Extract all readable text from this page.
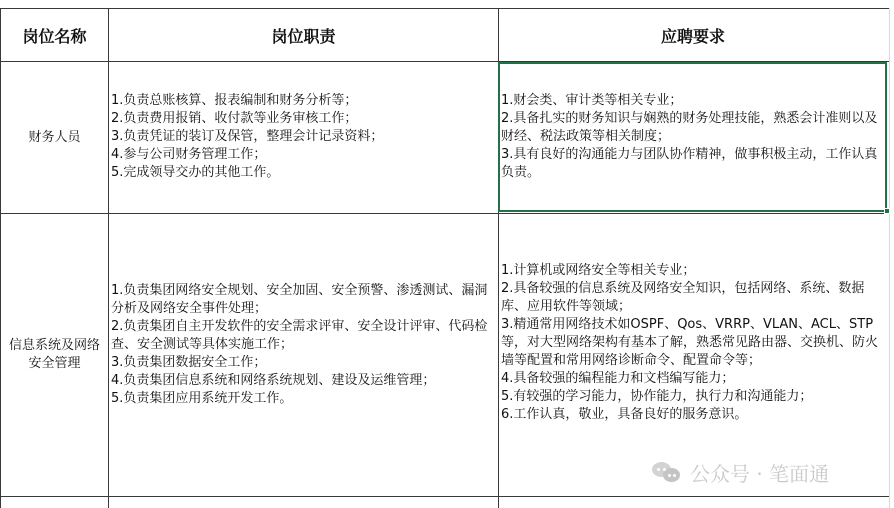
岗位名称	岗位职责	应聘要求
财务人员
1.负责总账核算、报表编制和财务分析等；
2.负责费用报销、收付款等业务审核工作；
3.负责凭证的装订及保管，整理会计记录资料；
4.参与公司财务管理工作；
5.完成领导交办的其他工作。
1.财会类、审计类等相关专业；
2.具备扎实的财务知识与娴熟的财务处理技能，熟悉会计准则以及财经、税法政策等相关制度；
3.具有良好的沟通能力与团队协作精神，做事积极主动，工作认真负责。
信息系统及网络安全管理
1.负责集团网络安全规划、安全加固、安全预警、渗透测试、漏洞分析及网络安全事件处理；
2.负责集团自主开发软件的安全需求评审、安全设计评审、代码检查、安全测试等具体实施工作；
3.负责集团数据安全工作；
4.负责集团信息系统和网络系统规划、建设及运维管理；
5.负责集团应用系统开发工作。
1.计算机或网络安全等相关专业；
2.具备较强的信息系统及网络安全知识，包括网络、系统、数据库、应用软件等领域；
3.精通常用网络技术如OSPF、Qos、VRRP、VLAN、ACL、STP等，对大型网络架构有基本了解，熟悉常见路由器、交换机、防火墙等配置和常用网络诊断命令、配置命令等；
4.具备较强的编程能力和文档编写能力；
5.有较强的学习能力，协作能力，执行力和沟通能力；
6.工作认真，敬业，具备良好的服务意识。
公众号 · 笔面通
